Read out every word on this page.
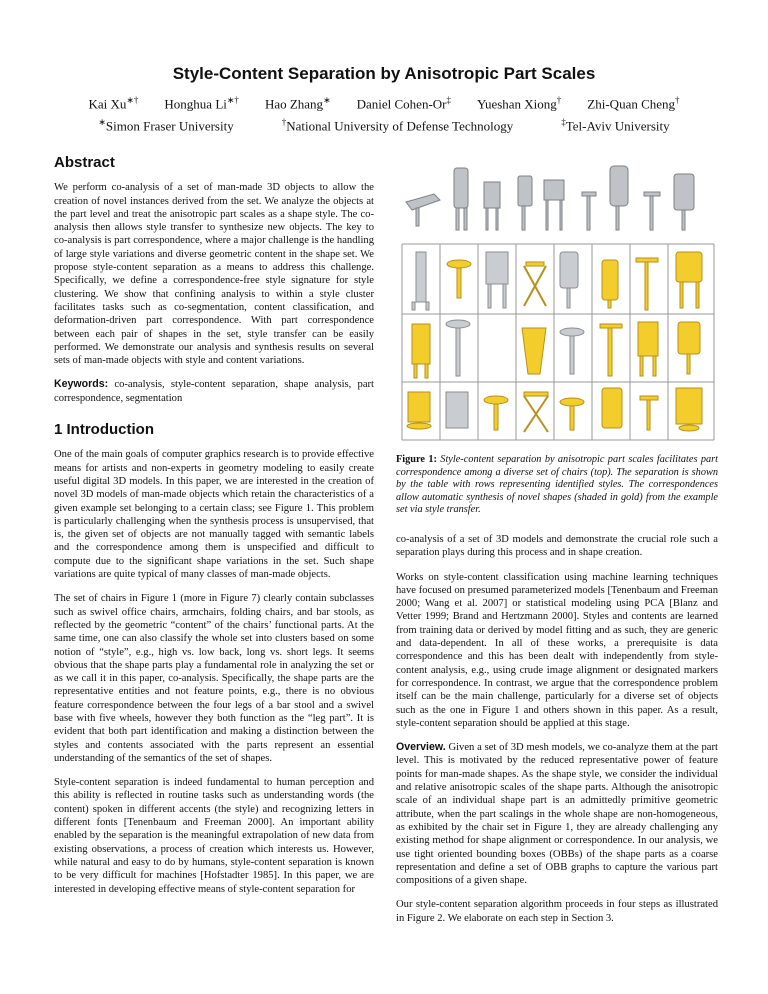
Style-Content Separation by Anisotropic Part Scales
Kai Xu∗† Honghua Li∗† Hao Zhang∗ Daniel Cohen-Or‡ Yueshan Xiong† Zhi-Quan Cheng†
∗Simon Fraser University	†National University of Defense Technology	‡Tel-Aviv University
Abstract

We perform co-analysis of a set of man-made 3D objects to allow the creation of novel instances derived from the set. We analyze the objects at the part level and treat the anisotropic part scales as a shape style. The co-analysis then allows style transfer to synthesize new objects. The key to co-analysis is part correspondence, where a major challenge is the handling of large style variations and diverse geometric content in the shape set. We propose style-content separation as a means to address this challenge. Specifically, we define a correspondence-free style signature for style clustering. We show that confining analysis to within a style cluster facilitates tasks such as co-segmentation, content classification, and deformation-driven part correspondence. With part correspondence between each pair of shapes in the set, style transfer can be easily performed. We demonstrate our analysis and synthesis results on several sets of man-made objects with style and content variations.

Keywords: co-analysis, style-content separation, shape analysis, part correspondence, segmentation

1 Introduction

One of the main goals of computer graphics research is to provide effective means for artists and non-experts in geometry modeling to easily create useful digital 3D models. In this paper, we are interested in the creation of novel 3D models of man-made objects which retain the characteristics of a given example set belonging to a certain class; see Figure 1. This problem is particularly challenging when the synthesis process is unsupervised, that is, the given set of objects are not manually tagged with semantic labels and the correspondence among them is unspecified and difficult to compute due to the significant shape variations in the set. Such shape variations are quite typical of many classes of man-made objects.

The set of chairs in Figure 1 (more in Figure 7) clearly contain subclasses such as swivel office chairs, armchairs, folding chairs, and bar stools, as reflected by the geometric “content” of the chairs’ functional parts. At the same time, one can also classify the whole set into clusters based on some notion of “style”, e.g., high vs. low back, long vs. short legs. It seems obvious that the shape parts play a fundamental role in analyzing the set or as we call it in this paper, co-analysis. Specifically, the shape parts are the representative entities and not feature points, e.g., there is no obvious feature correspondence between the four legs of a bar stool and a swivel base with five wheels, however they both function as the “leg part”. It is evident that both part identification and making a distinction between the styles and contents associated with the parts represent an essential understanding of the semantics of the set of shapes.

Style-content separation is indeed fundamental to human perception and this ability is reflected in routine tasks such as understanding words (the content) spoken in different accents (the style) and recognizing letters in different fonts [Tenenbaum and Freeman 2000]. An important ability enabled by the separation is the meaningful extrapolation of new data from existing observations, a process of creation which interests us. However, while natural and easy to do by humans, style-content separation is known to be very difficult for machines [Hofstadter 1985]. In this paper, we are interested in developing effective means of style-content separation for

Figure 1: Style-content separation by anisotropic part scales facilitates part correspondence among a diverse set of chairs (top). The separation is shown by the table with rows representing identified styles. The correspondences allow automatic synthesis of novel shapes (shaded in gold) from the example set via style transfer.

co-analysis of a set of 3D models and demonstrate the crucial role such a separation plays during this process and in shape creation.

Works on style-content classification using machine learning techniques have focused on presumed parameterized models [Tenenbaum and Freeman 2000; Wang et al. 2007] or statistical modeling using PCA [Blanz and Vetter 1999; Brand and Hertzmann 2000]. Styles and contents are learned from training data or derived by model fitting and as such, they are generic and data-dependent. In all of these works, a prerequisite is data correspondence and this has been dealt with independently from style-content analysis, e.g., using crude image alignment or designated markers for correspondence. In contrast, we argue that the correspondence problem itself can be the main challenge, particularly for a diverse set of objects such as the one in Figure 1 and others shown in this paper. As a result, style-content separation should be applied at this stage.

Overview. Given a set of 3D mesh models, we co-analyze them at the part level. This is motivated by the reduced representative power of feature points for man-made shapes. As the shape style, we consider the individual and relative anisotropic scales of the shape parts. Although the anisotropic scale of an individual shape part is an admittedly primitive geometric attribute, when the part scalings in the whole shape are non-homogeneous, as exhibited by the chair set in Figure 1, they are already challenging any existing method for shape alignment or correspondence. In our analysis, we use tight oriented bounding boxes (OBBs) of the shape parts as a coarse representation and define a set of OBB graphs to capture the various part compositions of a given shape.

Our style-content separation algorithm proceeds in four steps as illustrated in Figure 2. We elaborate on each step in Section 3.
